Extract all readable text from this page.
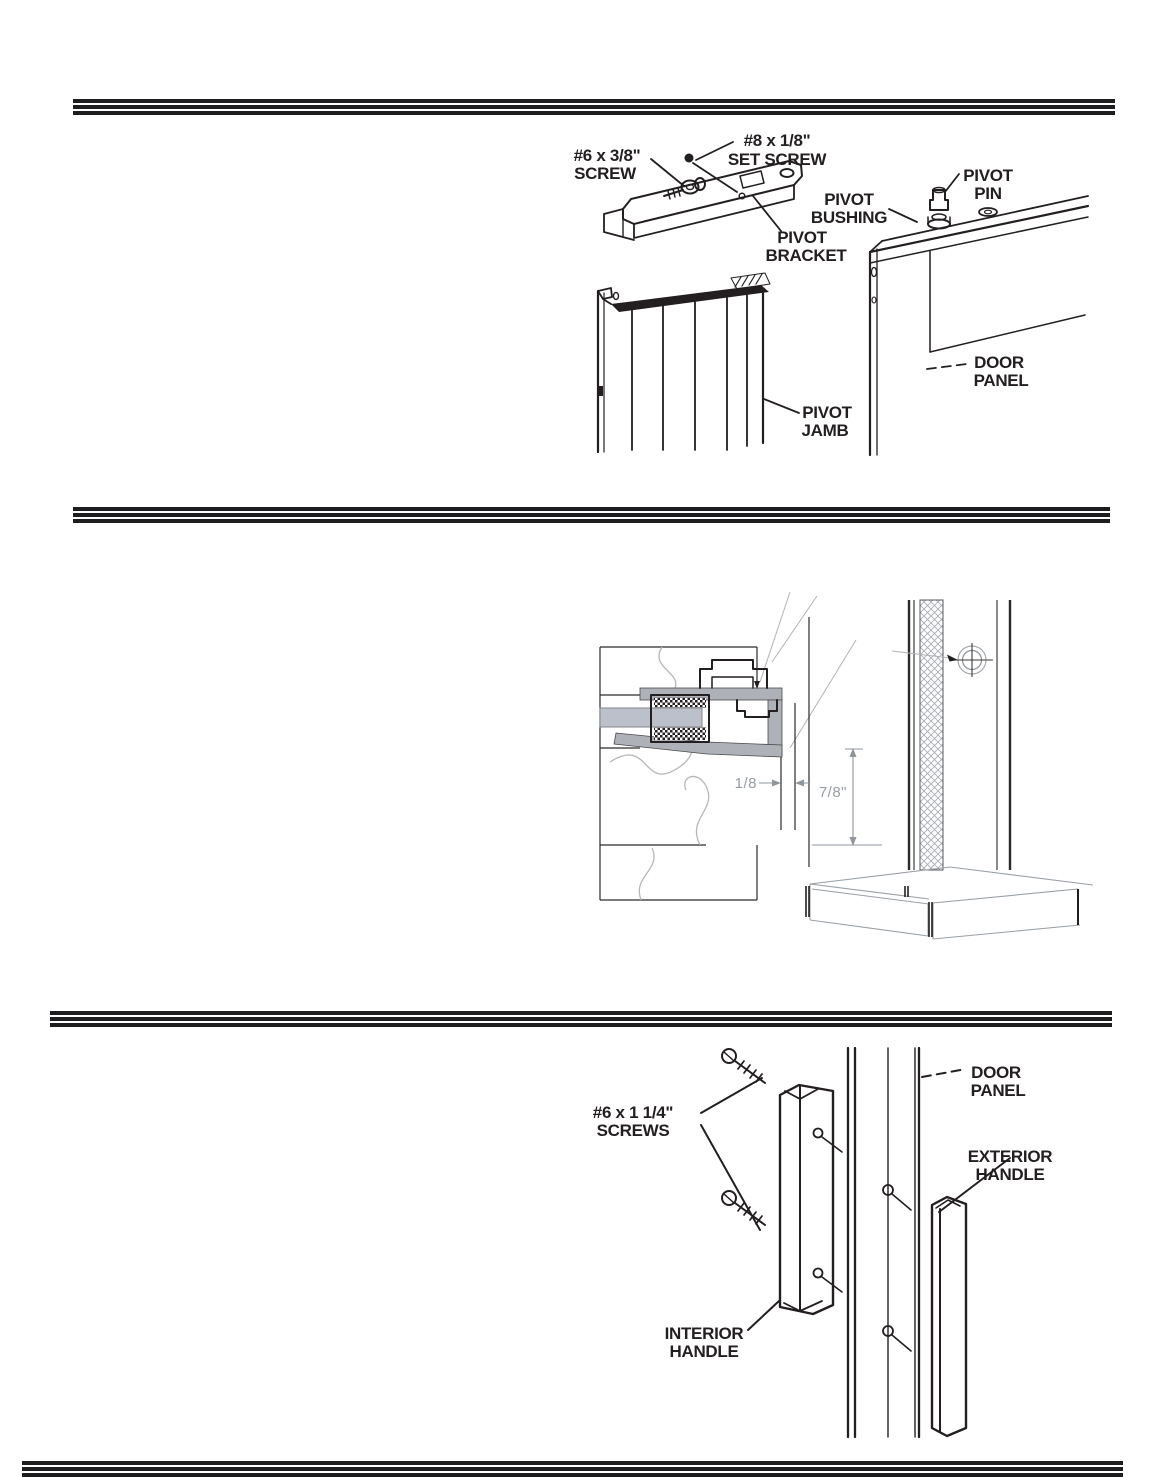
#6 x 3/8"
SCREW
#8 x 1/8"
SET SCREW
PIVOT
BRACKET
PIVOT
BUSHING
PIVOT
PIN
DOOR
PANEL
PIVOT
JAMB
1/8
7/8"
#6 x 1 1/4"
SCREWS
DOOR
PANEL
EXTERIOR
HANDLE
INTERIOR
HANDLE
